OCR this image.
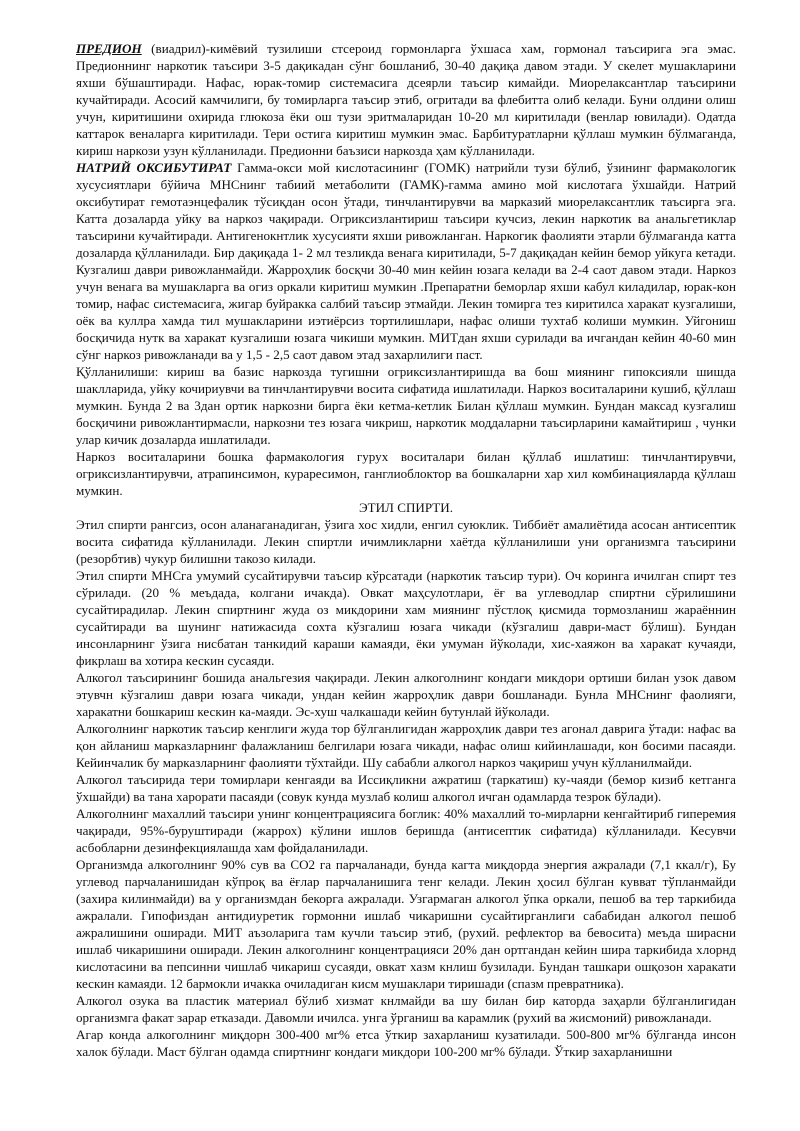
ПРЕДИОН (виадрил)-кимёвий тузилиши стсероид гормонларга ўхшаса хам, гормонал таъсирига эга эмас. Предионнинг наркотик таъсири 3-5 дақикадан сўнг бошланиб, 30-40 дақиқа давом этади. У скелет мушакларини яхши бўшаштиради. Нафас, юрак-томир системасига дсеярли таъсир кимайди. Миорелаксантлар таъсирини кучайтиради. Асосий камчилиги, бу томирларга таъсир этиб, огритади ва флебитта олиб келади. Буни олдини олиш учун, киритишини охирида глюкоза ёки ош тузи эритмаларидан 10-20 мл киритилади (венлар ювилади). Одатда каттарок веналарга киритилади. Тери остига киритиш мумкин эмас. Барбитуратларни қўллаш мумкин бўлмаганда, кириш наркози узун кўлланилади. Предионни баъзиси наркозда ҳам кўлланилади.

НАТРИЙ ОКСИБУТИРАТ Гамма-окси мой кислотасининг (ГОМК) натрийли тузи бўлиб, ўзининг фармакологик хусусиятлари бўйича МНСнинг табиий метаболити (ГАМК)-гамма амино мой кислотага ўхшайди. Натрий оксибутират гемотаэнцефалик тўсиқдан осон ўтади, тинчлантирувчи ва марказий миорелаксантлик таъсирга эга. Катта дозаларда уйку ва наркоз чақиради. Огриксизлантириш таъсири кучсиз, лекин наркотик ва анальгетиклар таъсирини кучайтиради. Антигенокнтлик хусусияти яхши ривожланган. Наркогик фаолияти этарли бўлмаганда катта дозаларда қўлланилади. Бир дақиқада 1- 2 мл тезликда венага киритилади, 5-7 дақиқадан кейин бемор уйкуга кетади. Кузгалиш даври ривожланмайди. Жарроҳлик босқчи 30-40 мин кейин юзага келади ва 2-4 саот давом этади. Наркоз учун венага ва мушакларга ва огиз оркали киритиш мумкин .Препаратни беморлар яхши кабул киладилар, юрак-кон томир, нафас системасига, жигар буйракка салбий таъсир этмайди. Лекин томирга тез киритилса харакат кузгалиши, оёк ва куллра хамда тил мушакларини иэтиёрсиз тортилишлари, нафас олиши тухтаб колиши мумкин. Уйгониш босқичида нутк ва харакат кузгалиши юзага чикиши мумкин. МИТдан яхши сурилади ва ичгандан кейин 40-60 мин сўнг наркоз ривожланади ва у 1,5 - 2,5 саот давом этад захарлилиги паст.

Қўлланилиши: кириш ва базис наркозда тугишни огриксизлантиришда ва бош миянинг гипоксияли шишда шаклларида, уйку кочириувчи ва тинчлантирувчи восита сифатида ишлатилади. Наркоз воситаларини кушиб, қўллаш мумкин. Бунда 2 ва 3дан ортик наркозни бирга ёки кетма-кетлик Билан қўллаш мумкин. Бундан максад кузгалиш босқичини ривожлантирмасли, наркозни тез юзага чикриш, наркотик моддаларни таъсирларини камайтириш , чунки улар кичик дозаларда ишлатилади.

Наркоз воситаларини бошка фармакология гурух воситалари билан қўллаб ишлатиш: тинчлантирувчи, огриксизлантирувчи, атрапинсимон, курaресимон, ганглиоблoктор ва бошкаларни хар хил комбинацияларда қўллаш мумкин.

ЭТИЛ СПИРТИ.

Этил спирти рангсиз, осон аланаганадиган, ўзига хос хидли, енгил суюклик. Тиббиёт амалиётида асосан антисептик восита сифатида кўлланилади. Лекин спиртли ичимликларни хаётда кўлланилиши уни организмга таъсирини (резорбтив) чукур билишни такозо килади.

Этил спирти МНСга умумий сусайтирувчи таъсир кўрсатади (наркотик таъсир тури). Оч коринга ичилган спирт тез сўрилади. (20 % меъдада, колгани ичакда). Овкат маҳсулотлари, ёғ ва углеводлар спиртни сўрилишини сусайтирадилар. Лекин спиртнинг жуда оз микдорини хам миянинг пўстлоқ қисмида тормозланиш жараённин сусайтиради ва шунинг натижасида сохта кўзгалиш юзага чикади (кўзгалиш даври-маст бўлиш). Бундан инсонларнинг ўзига нисбатан танкидий караши камаяди, ёки умуман йўколади, хис-хаяжон ва харакат кучаяди, фикрлаш ва хотира кескин сусаяди.

Алкогол таъсирининг бошида анальгезия чақиради. Лекин алкоголнинг кондаги микдори ортиши билан узок давом этувчн кўзгалиш даври юзага чикади, ундан кейин жарроҳлик даври бошланади. Бунла МНСнинг фаолияги, харакатни бошкариш кескин ка-маяди. Эс-хуш чалкашади кейин бутунлай йўколади.

Алкоголнинг наркотик таъсир кенглиги жуда тор бўлганлигидан жарроҳлик даври тез агонал даврига ўтади: нафас ва қон айланиш марказларнинг фалажланиш белгилари юзага чикади, нафас олиш кийинлашади, кон босими пасаяди. Кейинчалик бу марказларнинг фаолияти тўхтайди. Шу сабабли алкогол наркоз чақириш учун кўлланилмайди.

Алкогол таъсирида тери томирлари кенгаяди ва Иссиқликни ажратиш (таркатиш) ку-чаяди (бемор кизиб кетганга ўхшайди) ва тана харорати пасаяди (совук кунда музлаб колиш алкогол ичган одамларда тезрок бўлади).

Алкоголнинг махаллий таъсири унинг концентрациясига боглик: 40% махаллий то-мирларни кенгайтириб гиперемия чақиради, 95%-буруштиради (жаррох) кўлини ишлов беришда (антисептик сифатида) кўлланилади. Кесувчи асбобларни дезинфекциялашда хам фойдаланилади.

Организмда алкоголнинг 90% сув ва СО2 га парчаланади, бунда кагта миқдорда энергия ажралади (7,1 ккал/г), Бу углевод парчаланишидан кўпроқ ва ёғлар парчаланишига тенг келади. Лекин ҳосил бўлган кувват тўпланмайди (захира килинмайди) ва у организмдан бекорга ажралади. Узгармаган алкогол ўпка оркали, пешоб ва тер таркибида ажралали. Гипофиздан антидиуретик гормонни ишлаб чикаришни сусайтирганлиги сабабидан алкогол пешоб ажралишини оширади. МИТ аъзоларига там кучли таъсир этиб, (рухий. рефлектор ва бевосита) меъда ширасни ишлаб чикаришини оширади. Лекин алкоголнинг концентрацияси 20% дан ортгандан кейин шира таркибида хлорнд кислотасини ва пепсинни чишлаб чикариш сусаяди, овкат хазм кнлиш бузилади. Бундан ташкари ошқозон харакати кескин камаяди. 12 бармокли ичакка очиладиган кисм мушаклари тиришади (спазм превратника).

Алкогол озука ва пластик материал бўлиб хизмат кнлмайди ва шу билан бир каторда заҳарли бўлганлигидан организмга факат зарар етказади. Давомли ичилса. унга ўрганиш ва карамлик (рухий ва жисмоний) ривожланади.

Агар конда алкоголнинг миқдорн 300-400 мг% етса ўткир захарланиш кузатилади. 500-800 мг% бўлганда инсон халок бўлади. Маст бўлган одамда спиртнинг кондаги микдори 100-200 мг% бўлади. Ўткир захарланишни
